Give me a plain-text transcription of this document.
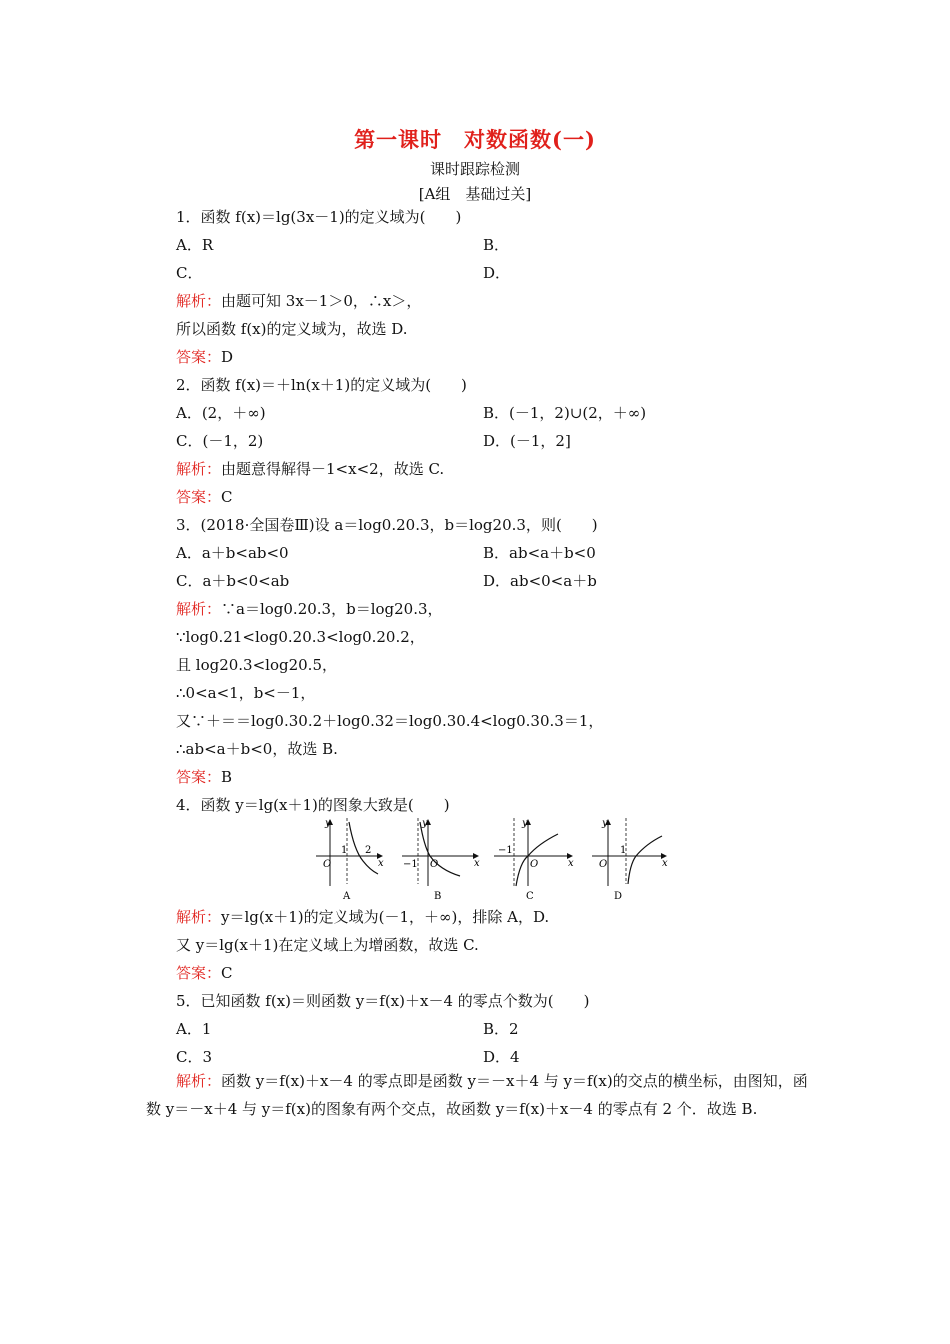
第一课时　对数函数(一)
课时跟踪检测
[A组　基础过关]
1．函数 f(x)＝lg(3x－1)的定义域为(　　)
A．R	B．
C．	D．
解析：由题可知 3x－1＞0，∴x＞，
所以函数 f(x)的定义域为，故选 D.
答案：D
2．函数 f(x)＝＋ln(x＋1)的定义域为(　　)
A．(2，＋∞)	B．(－1，2)∪(2，＋∞)
C．(－1，2)	D．(－1，2]
解析：由题意得解得－1<x<2，故选 C.
答案：C
3．(2018·全国卷Ⅲ)设 a＝log0.20.3，b＝log20.3，则(　　)
A．a＋b<ab<0	B．ab<a＋b<0
C．a＋b<0<ab	D．ab<0<a＋b
解析：∵a＝log0.20.3，b＝log20.3，
∵log0.21<log0.20.3<log0.20.2，
且 log20.3<log20.5，
∴0<a<1，b<－1，
又∵＋＝＝log0.30.2＋log0.32＝log0.30.4<log0.30.3＝1，
∴ab<a＋b<0，故选 B.
答案：B
4．函数 y＝lg(x＋1)的图象大致是(　　)
y
x
O
1 2
A
y
x
O
−1
B
y
x
O
−1
C
y
x
O
1
D
解析：y＝lg(x＋1)的定义域为(－1，＋∞)，排除 A，D.
又 y＝lg(x＋1)在定义域上为增函数，故选 C.
答案：C
5．已知函数 f(x)＝则函数 y＝f(x)＋x－4 的零点个数为(　　)
A．1	B．2
C．3	D．4
解析：函数 y＝f(x)＋x－4 的零点即是函数 y＝－x＋4 与 y＝f(x)的交点的横坐标，由图知，函数 y＝－x＋4 与 y＝f(x)的图象有两个交点，故函数 y＝f(x)＋x－4 的零点有 2 个．故选 B.
